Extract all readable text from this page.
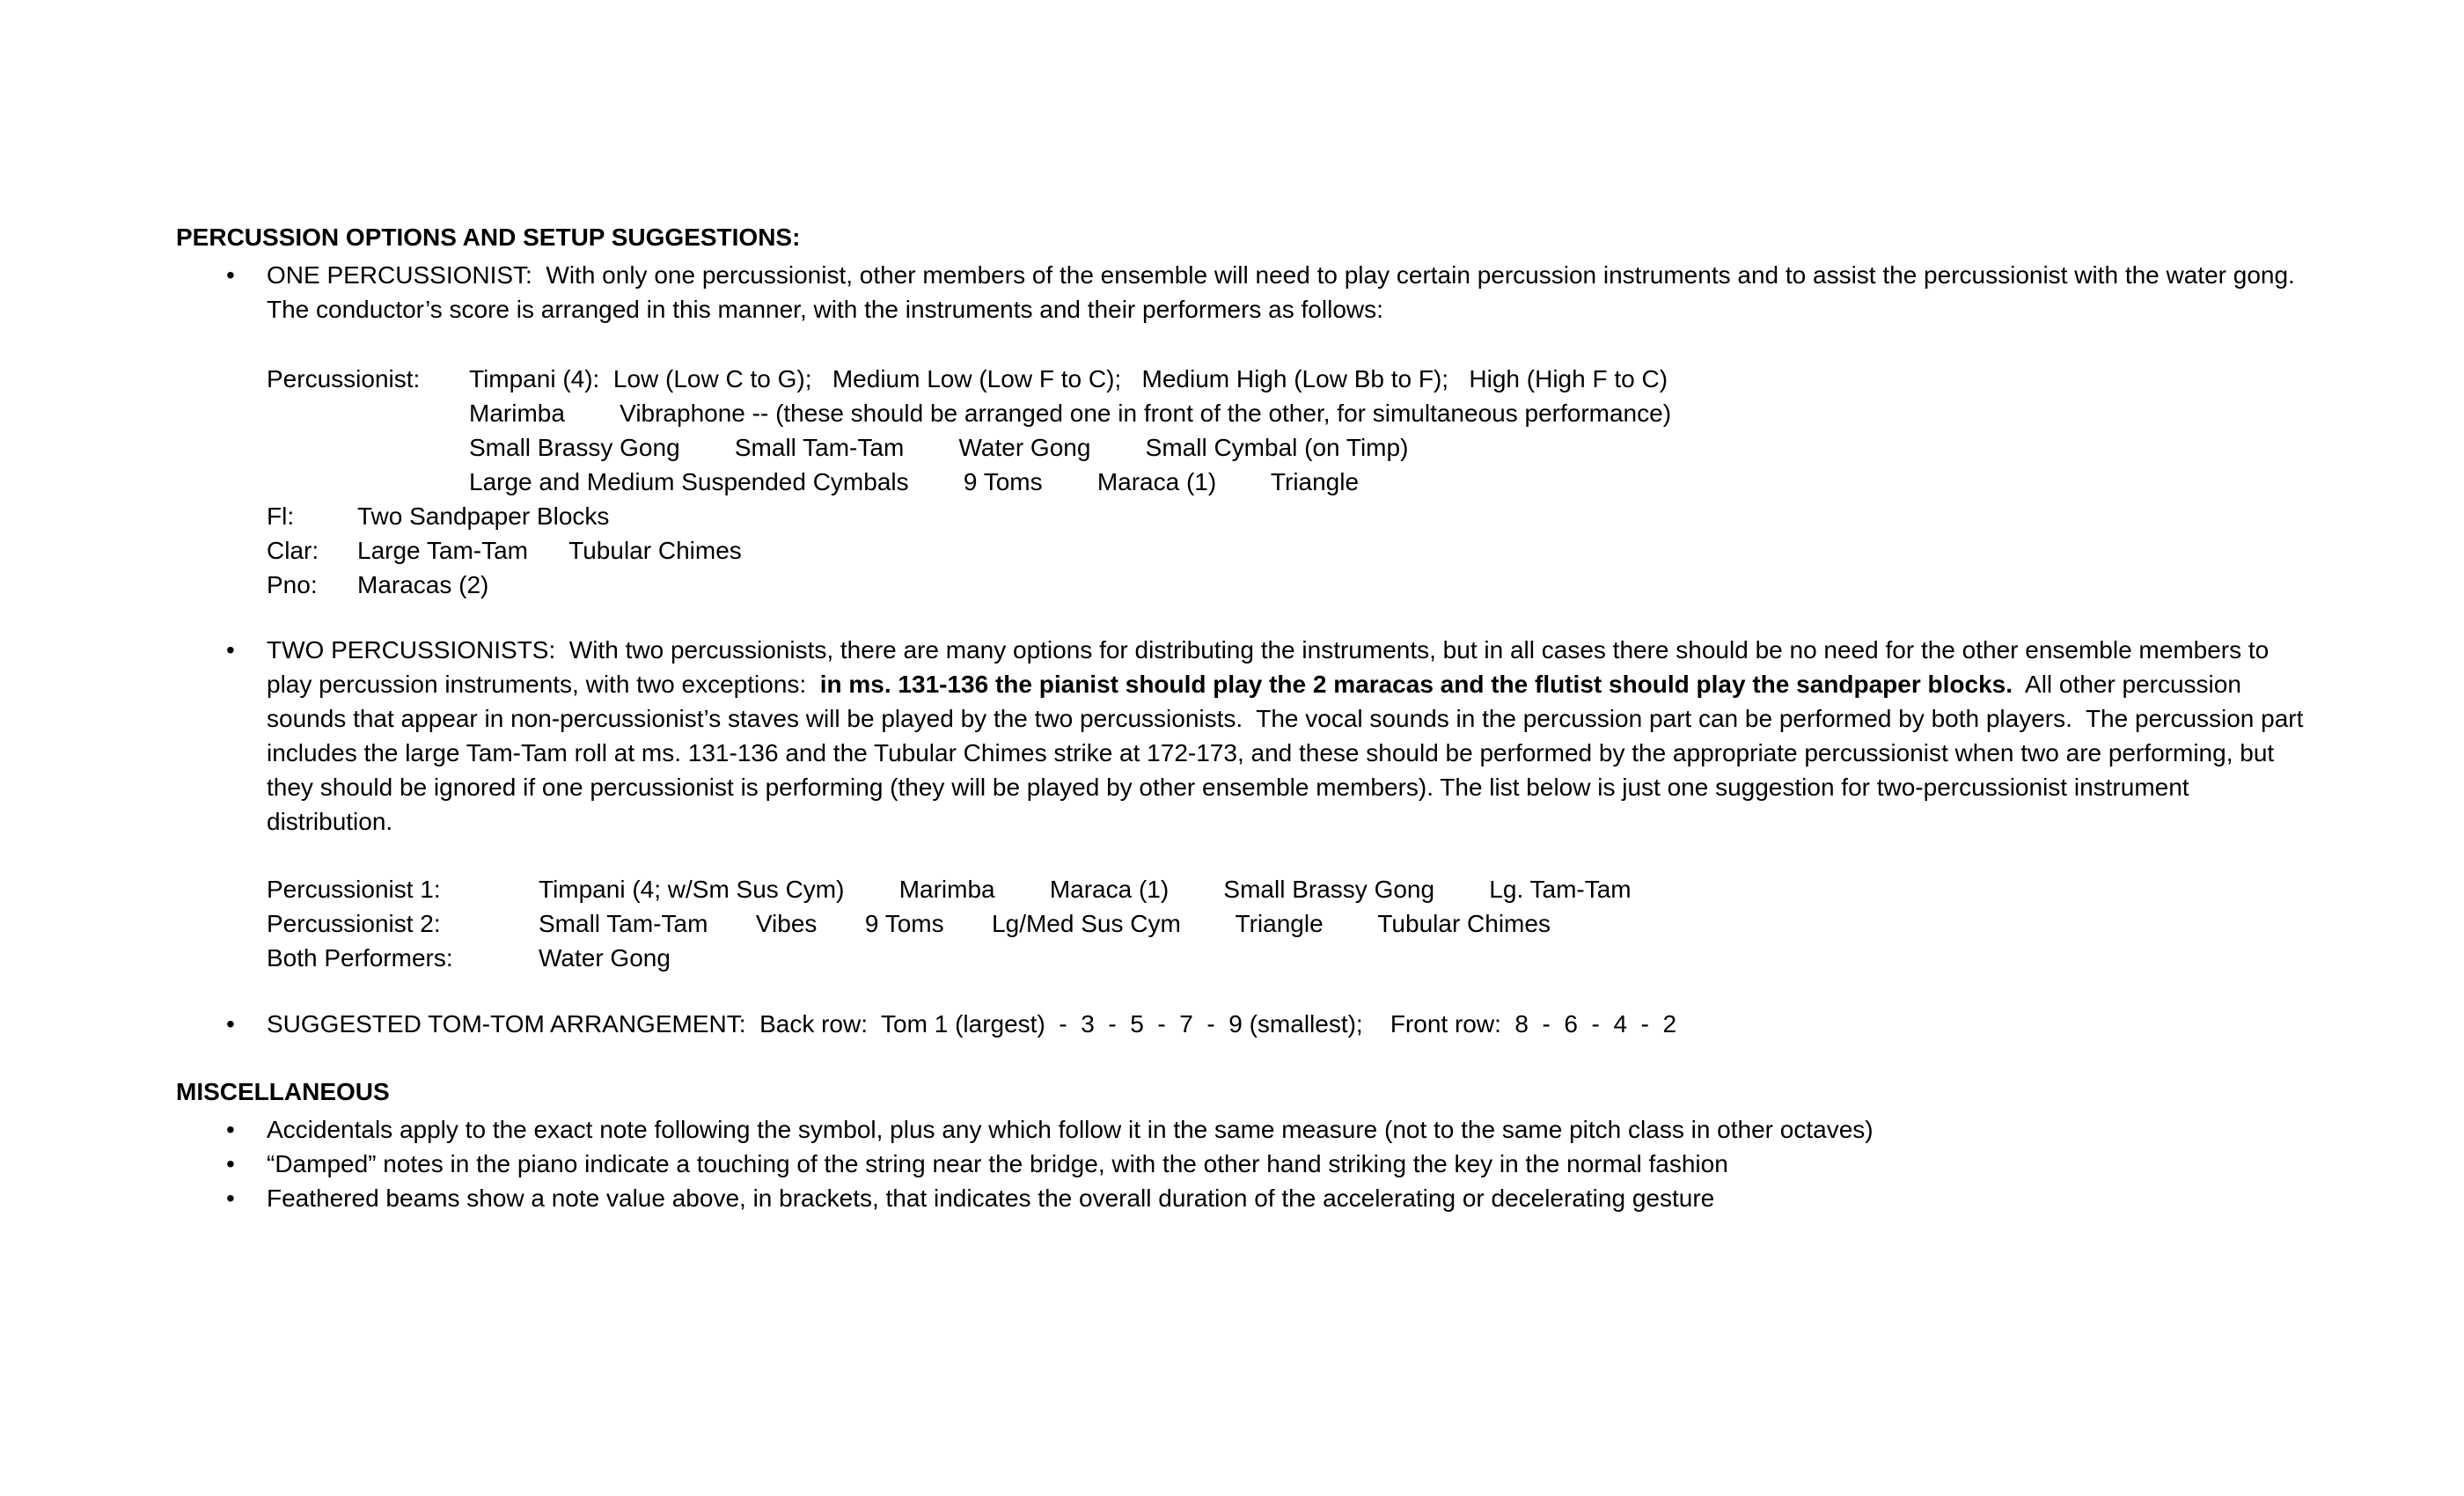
PERCUSSION OPTIONS AND SETUP SUGGESTIONS:
•	ONE PERCUSSIONIST:  With only one percussionist, other members of the ensemble will need to play certain percussion instruments and to assist the percussionist with the water gong.  The conductor’s score is arranged in this manner, with the instruments and their performers as follows:
Percussionist:	Timpani (4):  Low (Low C to G);   Medium Low (Low F to C);   Medium High (Low Bb to F);   High (High F to C)
Marimba        Vibraphone -- (these should be arranged one in front of the other, for simultaneous performance)
Small Brassy Gong        Small Tam-Tam        Water Gong        Small Cymbal (on Timp)
Large and Medium Suspended Cymbals        9 Toms        Maraca (1)        Triangle
Fl:	Two Sandpaper Blocks
Clar:	Large Tam-Tam      Tubular Chimes
Pno:	Maracas (2)
•	TWO PERCUSSIONISTS:  With two percussionists, there are many options for distributing the instruments, but in all cases there should be no need for the other ensemble members to play percussion instruments, with two exceptions:  in ms. 131-136 the pianist should play the 2 maracas and the flutist should play the sandpaper blocks.  All other percussion sounds that appear in non-percussionist’s staves will be played by the two percussionists.  The vocal sounds in the percussion part can be performed by both players.  The percussion part includes the large Tam-Tam roll at ms. 131-136 and the Tubular Chimes strike at 172-173, and these should be performed by the appropriate percussionist when two are performing, but they should be ignored if one percussionist is performing (they will be played by other ensemble members). The list below is just one suggestion for two-percussionist instrument distribution.
Percussionist 1:	Timpani (4; w/Sm Sus Cym)        Marimba        Maraca (1)        Small Brassy Gong        Lg. Tam-Tam
Percussionist 2:	Small Tam-Tam       Vibes       9 Toms       Lg/Med Sus Cym        Triangle        Tubular Chimes
Both Performers:	Water Gong
•	SUGGESTED TOM-TOM ARRANGEMENT:  Back row:  Tom 1 (largest)  -  3  -  5  -  7  -  9 (smallest);    Front row:  8  -  6  -  4  -  2
MISCELLANEOUS
•	Accidentals apply to the exact note following the symbol, plus any which follow it in the same measure (not to the same pitch class in other octaves)
•	“Damped” notes in the piano indicate a touching of the string near the bridge, with the other hand striking the key in the normal fashion
•	Feathered beams show a note value above, in brackets, that indicates the overall duration of the accelerating or decelerating gesture
